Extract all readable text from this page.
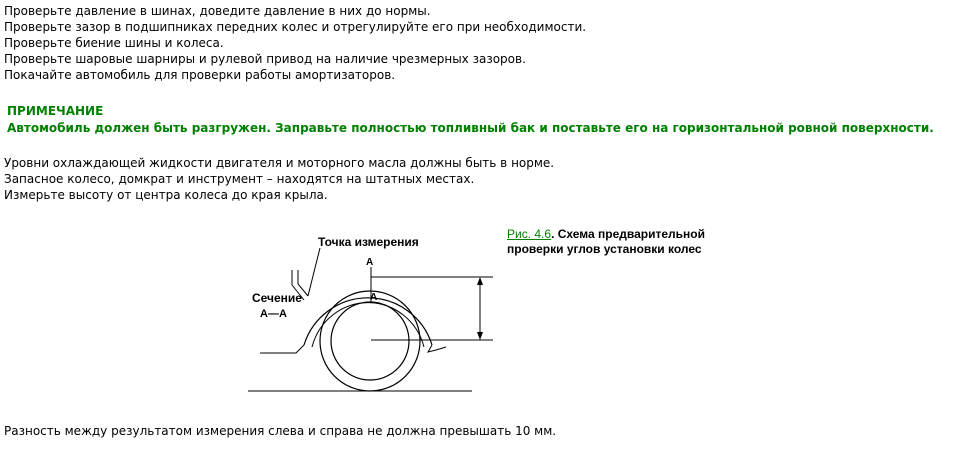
Проверьте давление в шинах, доведите давление в них до нормы.
Проверьте зазор в подшипниках передних колес и отрегулируйте его при необходимости.
Проверьте биение шины и колеса.
Проверьте шаровые шарниры и рулевой привод на наличие чрезмерных зазоров.
Покачайте автомобиль для проверки работы амортизаторов.
ПРИМЕЧАНИЕ
Автомобиль должен быть разгружен. Заправьте полностью топливный бак и поставьте его на горизонтальной ровной поверхности.
Уровни охлаждающей жидкости двигателя и моторного масла должны быть в норме.
Запасное колесо, домкрат и инструмент – находятся на штатных местах.
Измерьте высоту от центра колеса до края крыла.
Точка измерения
Сечение
А—А
А
А
Рис. 4.6. Схема предварительной проверки углов установки колес
Разность между результатом измерения слева и справа не должна превышать 10 мм.
